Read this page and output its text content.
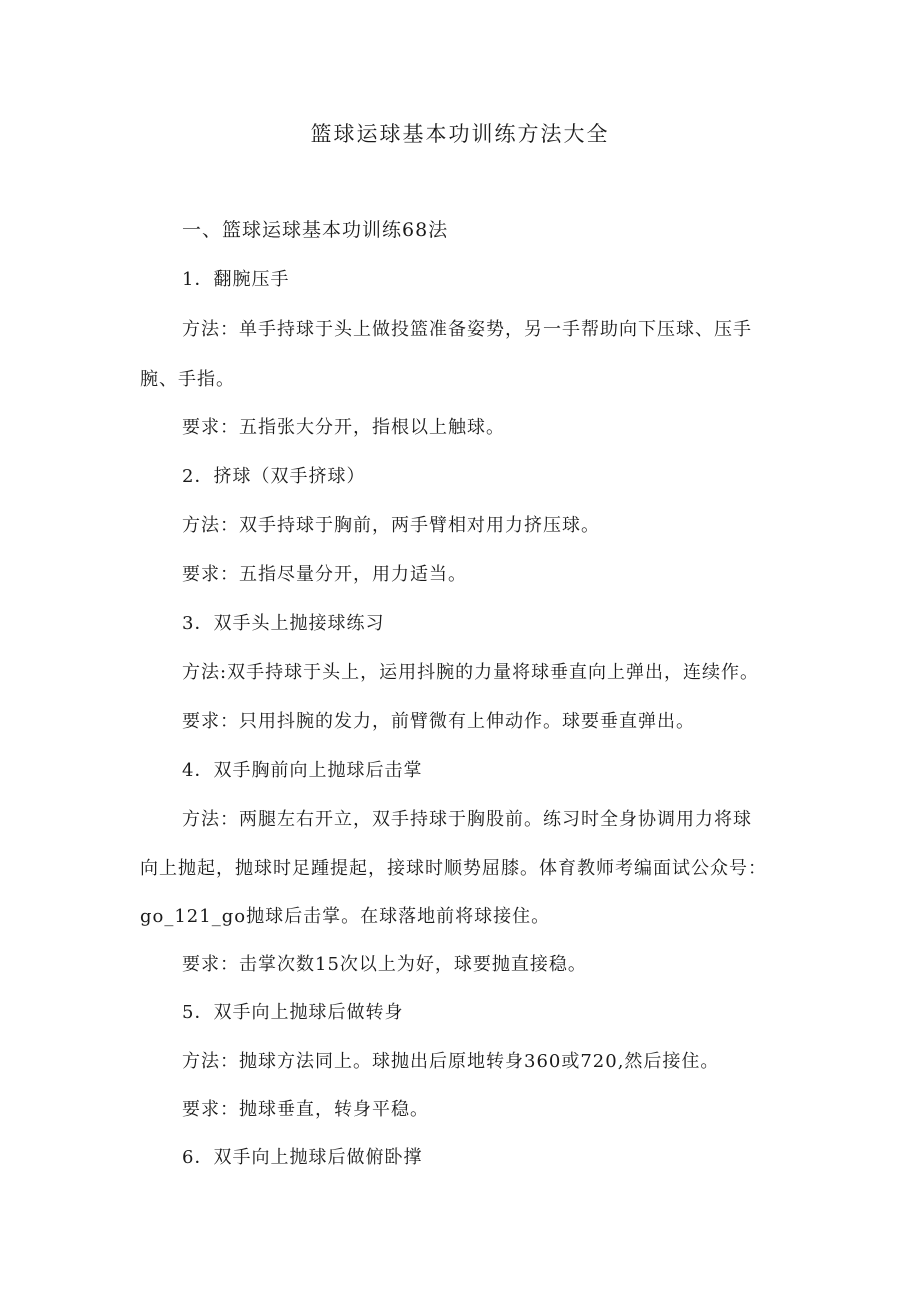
篮球运球基本功训练方法大全
一、篮球运球基本功训练68法
1．翻腕压手
方法：单手持球于头上做投篮准备姿势，另一手帮助向下压球、压手
腕、手指。
要求：五指张大分开，指根以上触球。
2．挤球（双手挤球）
方法：双手持球于胸前，两手臂相对用力挤压球。
要求：五指尽量分开，用力适当。
3．双手头上抛接球练习
方法:双手持球于头上，运用抖腕的力量将球垂直向上弹出，连续作。
要求：只用抖腕的发力，前臂微有上伸动作。球要垂直弹出。
4．双手胸前向上抛球后击掌
方法：两腿左右开立，双手持球于胸股前。练习时全身协调用力将球
向上抛起，抛球时足踵提起，接球时顺势屈膝。体育教师考编面试公众号：
go_121_go抛球后击掌。在球落地前将球接住。
要求：击掌次数15次以上为好，球要抛直接稳。
5．双手向上抛球后做转身
方法：抛球方法同上。球抛出后原地转身360或720,然后接住。
要求：抛球垂直，转身平稳。
6．双手向上抛球后做俯卧撑
